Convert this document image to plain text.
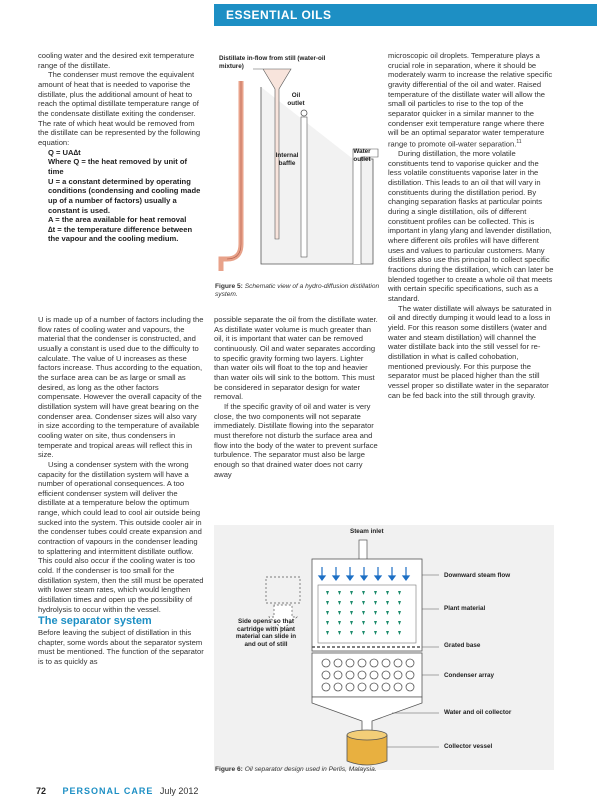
ESSENTIAL OILS

cooling water and the desired exit temperature range of the distillate.

The condenser must remove the equivalent amount of heat that is needed to vaporise the distillate, plus the additional amount of heat to reach the optimal distillate temperature range of the condensate distillate exiting the condenser. The rate of which heat would be removed from the distillate can be represented by the following equation:

Q = UA∆t
Where Q = the heat removed by unit of time
U = a constant determined by operating conditions (condensing and cooling made up of a number of factors) usually a constant is used.
A = the area available for heat removal
∆t = the temperature difference between the vapour and the cooling medium.
Distillate in-flow from still (water-oil mixture)
Oil outlet
Internal baffle
Water outlet
Figure 5: Schematic view of a hydro-diffusion distillation system.

U is made up of a number of factors including the flow rates of cooling water and vapours, the material that the condenser is constructed, and usually a constant is used due to the difficulty to calculate. The value of U increases as these factors increase. Thus according to the equation, the surface area can be as large or small as desired, as long as the other factors compensate. However the overall capacity of the distillation system will have great bearing on the condenser area. Condenser sizes will also vary in size according to the temperature of available cooling water on site, thus condensers in temperate and tropical areas will reflect this in size.

Using a condenser system with the wrong capacity for the distillation system will have a number of operational consequences. A too efficient condenser system will deliver the distillate at a temperature below the optimum range, which could lead to cool air outside being sucked into the system. This outside cooler air in the condenser tubes could create expansion and contraction of vapours in the condenser leading to splattering and intermittent distillate outflow. This could also occur if the cooling water is too cold. If the condenser is too small for the distillation system, then the still must be operated with lower steam rates, which would lengthen distillation times and open up the possibility of hydrolysis to occur within the vessel.

The separator system

Before leaving the subject of distillation in this chapter, some words about the separator system must be mentioned. The function of the separator is to as quickly as

possible separate the oil from the distillate water. As distillate water volume is much greater than oil, it is important that water can be removed continuously. Oil and water separates according to specific gravity forming two layers. Lighter than water oils will float to the top and heavier than water oils will sink to the bottom. This must be considered in separator design for water removal.

If the specific gravity of oil and water is very close, the two components will not separate immediately. Distillate flowing into the separator must therefore not disturb the surface area and flow into the body of the water to prevent surface turbulence. The separator must also be large enough so that drained water does not carry away

microscopic oil droplets. Temperature plays a crucial role in separation, where it should be moderately warm to increase the relative specific gravity differential of the oil and water. Raised temperature of the distillate water will allow the small oil particles to rise to the top of the separator quicker in a similar manner to the condenser exit temperature range where there will be an optimal separator water temperature range to promote oil-water separation.$^{11}$

During distillation, the more volatile constituents tend to vaporise quicker and the less volatile constituents vaporise later in the distillation. This leads to an oil that will vary in constituents during the distillation period. By changing separation flasks at particular points during a single distillation, oils of different constituent profiles can be collected. This is important in ylang ylang and lavender distillation, where different oils profiles will have different uses and values to particular customers. Many distillers also use this principal to collect specific fractions during the distillation, which can later be blended together to create a whole oil that meets with certain specific specifications, such as a standard.

The water distillate will always be saturated in oil and directly dumping it would lead to a loss in yield. For this reason some distillers (water and water and steam distillation) will channel the water distillate back into the still vessel for re-distillation in what is called cohobation, mentioned previously. For this purpose the separator must be placed higher than the still vessel proper so distillate water in the separator can be fed back into the still through gravity.

Steam inlet
Downward steam flow
Plant material
Grated base
Condenser array
Water and oil collector
Collector vessel
Side opens so that cartridge with plant material can slide in and out of still
Figure 6: Oil separator design used in Perlis, Malaysia.
72 PERSONAL CARE July 2012
